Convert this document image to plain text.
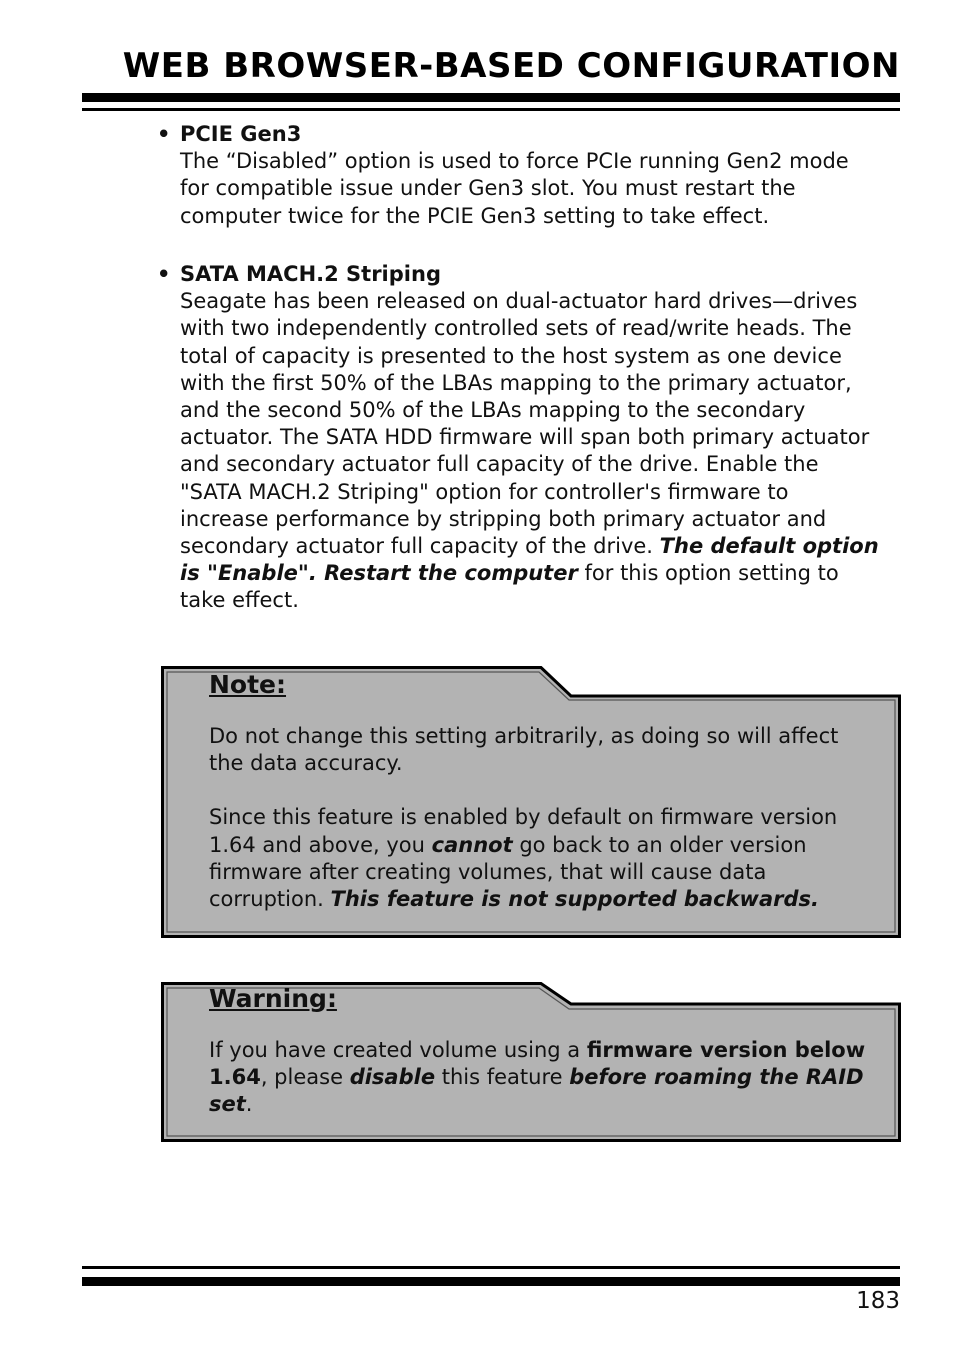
WEB BROWSER-BASED CONFIGURATION
• PCIE Gen3

The “Disabled” option is used to force PCIe running Gen2 mode for compatible issue under Gen3 slot. You must restart the computer twice for the PCIE Gen3 setting to take effect.

• SATA MACH.2 Striping

Seagate has been released on dual-actuator hard drives—drives with two independently controlled sets of read/write heads. The total of capacity is presented to the host system as one device with the first 50% of the LBAs mapping to the primary actuator, and the second 50% of the LBAs mapping to the secondary actuator. The SATA HDD firmware will span both primary actuator and secondary actuator full capacity of the drive. Enable the "SATA MACH.2 Striping" option for controller's firmware to increase performance by stripping both primary actuator and secondary actuator full capacity of the drive. The default option is "Enable". Restart the computer for this option setting to take effect.

Note:

Do not change this setting arbitrarily, as doing so will affect the data accuracy.

Since this feature is enabled by default on firmware version 1.64 and above, you cannot go back to an older version firmware after creating volumes, that will cause data corruption. This feature is not supported backwards.

Warning:

If you have created volume using a firmware version below 1.64, please disable this feature before roaming the RAID set.

183
